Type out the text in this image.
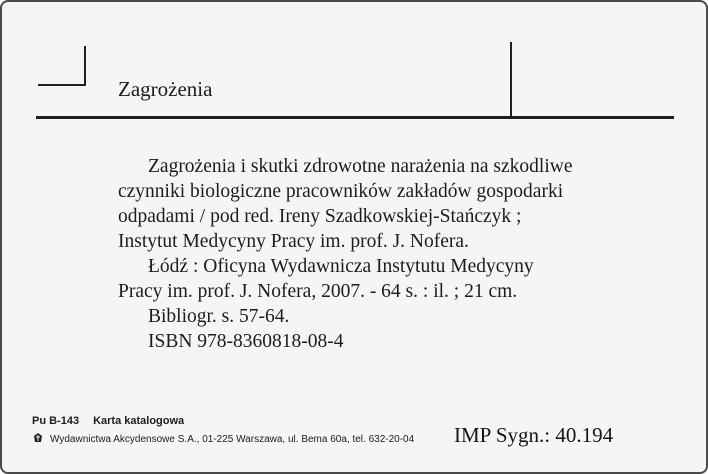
Zagrożenia
Zagrożenia i skutki zdrowotne narażenia na szkodliwe
czynniki biologiczne pracowników zakładów gospodarki
odpadami / pod red. Ireny Szadkowskiej-Stańczyk ;
Instytut Medycyny Pracy im. prof. J. Nofera.
Łódź : Oficyna Wydawnicza Instytutu Medycyny
Pracy im. prof. J. Nofera, 2007. - 64 s. : il. ; 21 cm.
Bibliogr. s. 57-64.
ISBN 978-8360818-08-4
Pu B-143 Karta katalogowa
Wydawnictwa Akcydensowe S.A., 01-225 Warszawa, ul. Bema 60a, tel. 632-20-04 IMP Sygn.: 40.194
